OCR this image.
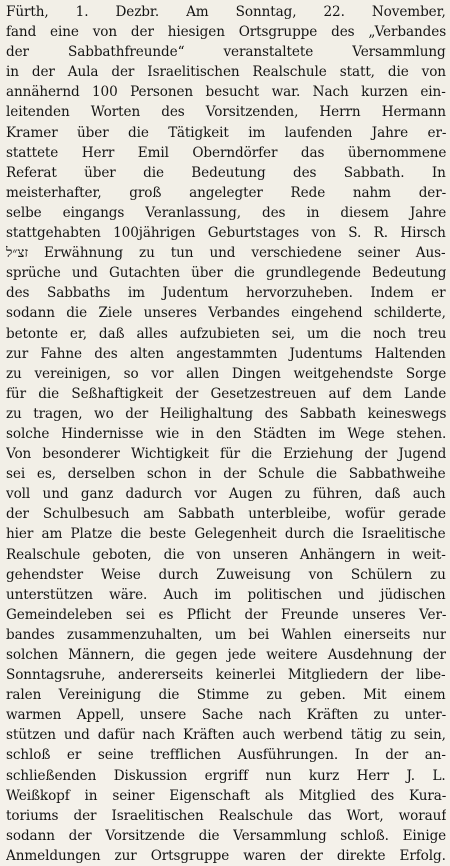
Fürth, 1. Dezbr. Am Sonntag, 22. November,
fand eine von der hiesigen Ortsgruppe des „Verbandes
der Sabbathfreunde“ veranstaltete Versammlung
in der Aula der Israelitischen Realschule statt, die von
annähernd 100 Personen besucht war. Nach kurzen ein-
leitenden Worten des Vorsitzenden, Herrn Hermann
Kramer über die Tätigkeit im laufenden Jahre er-
stattete Herr Emil Oberndörfer das übernommene
Referat über die Bedeutung des Sabbath. In
meisterhafter, groß angelegter Rede nahm der-
selbe eingangs Veranlassung, des in diesem Jahre
stattgehabten 100jährigen Geburtstages von S. R. Hirsch
זצ״ל Erwähnung zu tun und verschiedene seiner Aus-
sprüche und Gutachten über die grundlegende Bedeutung
des Sabbaths im Judentum hervorzuheben. Indem er
sodann die Ziele unseres Verbandes eingehend schilderte,
betonte er, daß alles aufzubieten sei, um die noch treu
zur Fahne des alten angestammten Judentums Haltenden
zu vereinigen, so vor allen Dingen weitgehendste Sorge
für die Seßhaftigkeit der Gesetzestreuen auf dem Lande
zu tragen, wo der Heilighaltung des Sabbath keineswegs
solche Hindernisse wie in den Städten im Wege stehen.
Von besonderer Wichtigkeit für die Erziehung der Jugend
sei es, derselben schon in der Schule die Sabbathweihe
voll und ganz dadurch vor Augen zu führen, daß auch
der Schulbesuch am Sabbath unterbleibe, wofür gerade
hier am Platze die beste Gelegenheit durch die Israelitische
Realschule geboten, die von unseren Anhängern in weit-
gehendster Weise durch Zuweisung von Schülern zu
unterstützen wäre. Auch im politischen und jüdischen
Gemeindeleben sei es Pflicht der Freunde unseres Ver-
bandes zusammenzuhalten, um bei Wahlen einerseits nur
solchen Männern, die gegen jede weitere Ausdehnung der
Sonntagsruhe, andererseits keinerlei Mitgliedern der libe-
ralen Vereinigung die Stimme zu geben. Mit einem
warmen Appell, unsere Sache nach Kräften zu unter-
stützen und dafür nach Kräften auch werbend tätig zu sein,
schloß er seine trefflichen Ausführungen. In der an-
schließenden Diskussion ergriff nun kurz Herr J. L.
Weißkopf in seiner Eigenschaft als Mitglied des Kura-
toriums der Israelitischen Realschule das Wort, worauf
sodann der Vorsitzende die Versammlung schloß. Einige
Anmeldungen zur Ortsgruppe waren der direkte Erfolg.
